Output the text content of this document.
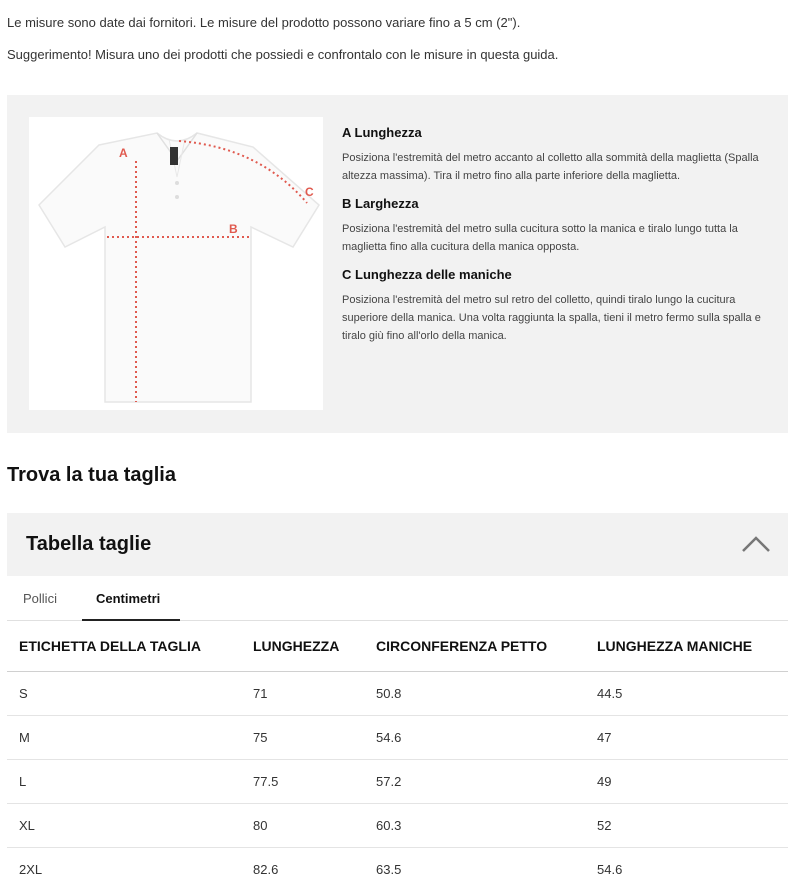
Le misure sono date dai fornitori. Le misure del prodotto possono variare fino a 5 cm (2").
Suggerimento! Misura uno dei prodotti che possiedi e confrontalo con le misure in questa guida.
A
B
C
A Lunghezza
Posiziona l'estremità del metro accanto al colletto alla sommità della maglietta (Spalla altezza massima). Tira il metro fino alla parte inferiore della maglietta.
B Larghezza
Posiziona l'estremità del metro sulla cucitura sotto la manica e tiralo lungo tutta la maglietta fino alla cucitura della manica opposta.
C Lunghezza delle maniche
Posiziona l'estremità del metro sul retro del colletto, quindi tiralo lungo la cucitura superiore della manica. Una volta raggiunta la spalla, tieni il metro fermo sulla spalla e tiralo giù fino all'orlo della manica.
Trova la tua taglia
Tabella taglie
Pollici	Centimetri
ETICHETTA DELLA TAGLIA	LUNGHEZZA	CIRCONFERENZA PETTO	LUNGHEZZA MANICHE
S	71	50.8	44.5
M	75	54.6	47
L	77.5	57.2	49
XL	80	60.3	52
2XL	82.6	63.5	54.6
